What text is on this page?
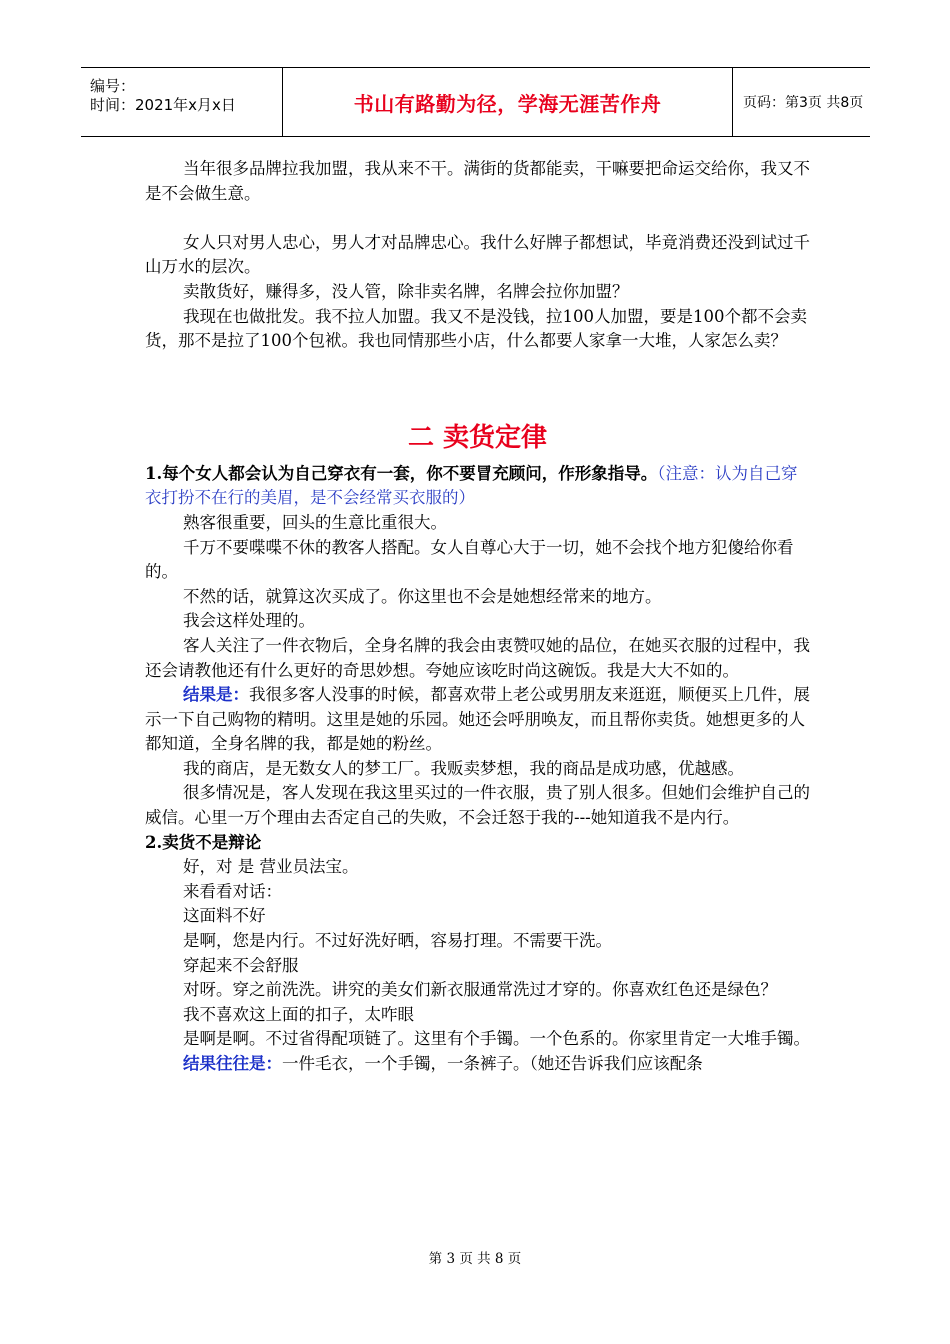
编号：
时间：2021年x月x日	书山有路勤为径，学海无涯苦作舟	页码：第3页 共8页

当年很多品牌拉我加盟，我从来不干。满街的货都能卖，干嘛要把命运交给你，我又不是不会做生意。

女人只对男人忠心，男人才对品牌忠心。我什么好牌子都想试，毕竟消费还没到试过千山万水的层次。

卖散货好，赚得多，没人管，除非卖名牌，名牌会拉你加盟？

我现在也做批发。我不拉人加盟。我又不是没钱，拉100人加盟，要是100个都不会卖货，那不是拉了100个包袱。我也同情那些小店，什么都要人家拿一大堆，人家怎么卖？

二 卖货定律

1.每个女人都会认为自己穿衣有一套，你不要冒充顾问，作形象指导。（注意：认为自己穿衣打扮不在行的美眉，是不会经常买衣服的）

熟客很重要，回头的生意比重很大。

千万不要喋喋不休的教客人搭配。女人自尊心大于一切，她不会找个地方犯傻给你看的。

不然的话，就算这次买成了。你这里也不会是她想经常来的地方。

我会这样处理的。

客人关注了一件衣物后，全身名牌的我会由衷赞叹她的品位，在她买衣服的过程中，我还会请教他还有什么更好的奇思妙想。夸她应该吃时尚这碗饭。我是大大不如的。

结果是：我很多客人没事的时候，都喜欢带上老公或男朋友来逛逛，顺便买上几件，展示一下自己购物的精明。这里是她的乐园。她还会呼朋唤友，而且帮你卖货。她想更多的人都知道，全身名牌的我，都是她的粉丝。

我的商店，是无数女人的梦工厂。我贩卖梦想，我的商品是成功感，优越感。

很多情况是，客人发现在我这里买过的一件衣服，贵了别人很多。但她们会维护自己的威信。心里一万个理由去否定自己的失败，不会迁怒于我的---她知道我不是内行。

2.卖货不是辩论

好，对 是 营业员法宝。

来看看对话：

这面料不好

是啊，您是内行。不过好洗好晒，容易打理。不需要干洗。

穿起来不会舒服

对呀。穿之前洗洗。讲究的美女们新衣服通常洗过才穿的。你喜欢红色还是绿色？

我不喜欢这上面的扣子，太咋眼

是啊是啊。不过省得配项链了。这里有个手镯。一个色系的。你家里肯定一大堆手镯。

结果往往是：一件毛衣，一个手镯，一条裤子。（她还告诉我们应该配条

第 3 页 共 8 页
